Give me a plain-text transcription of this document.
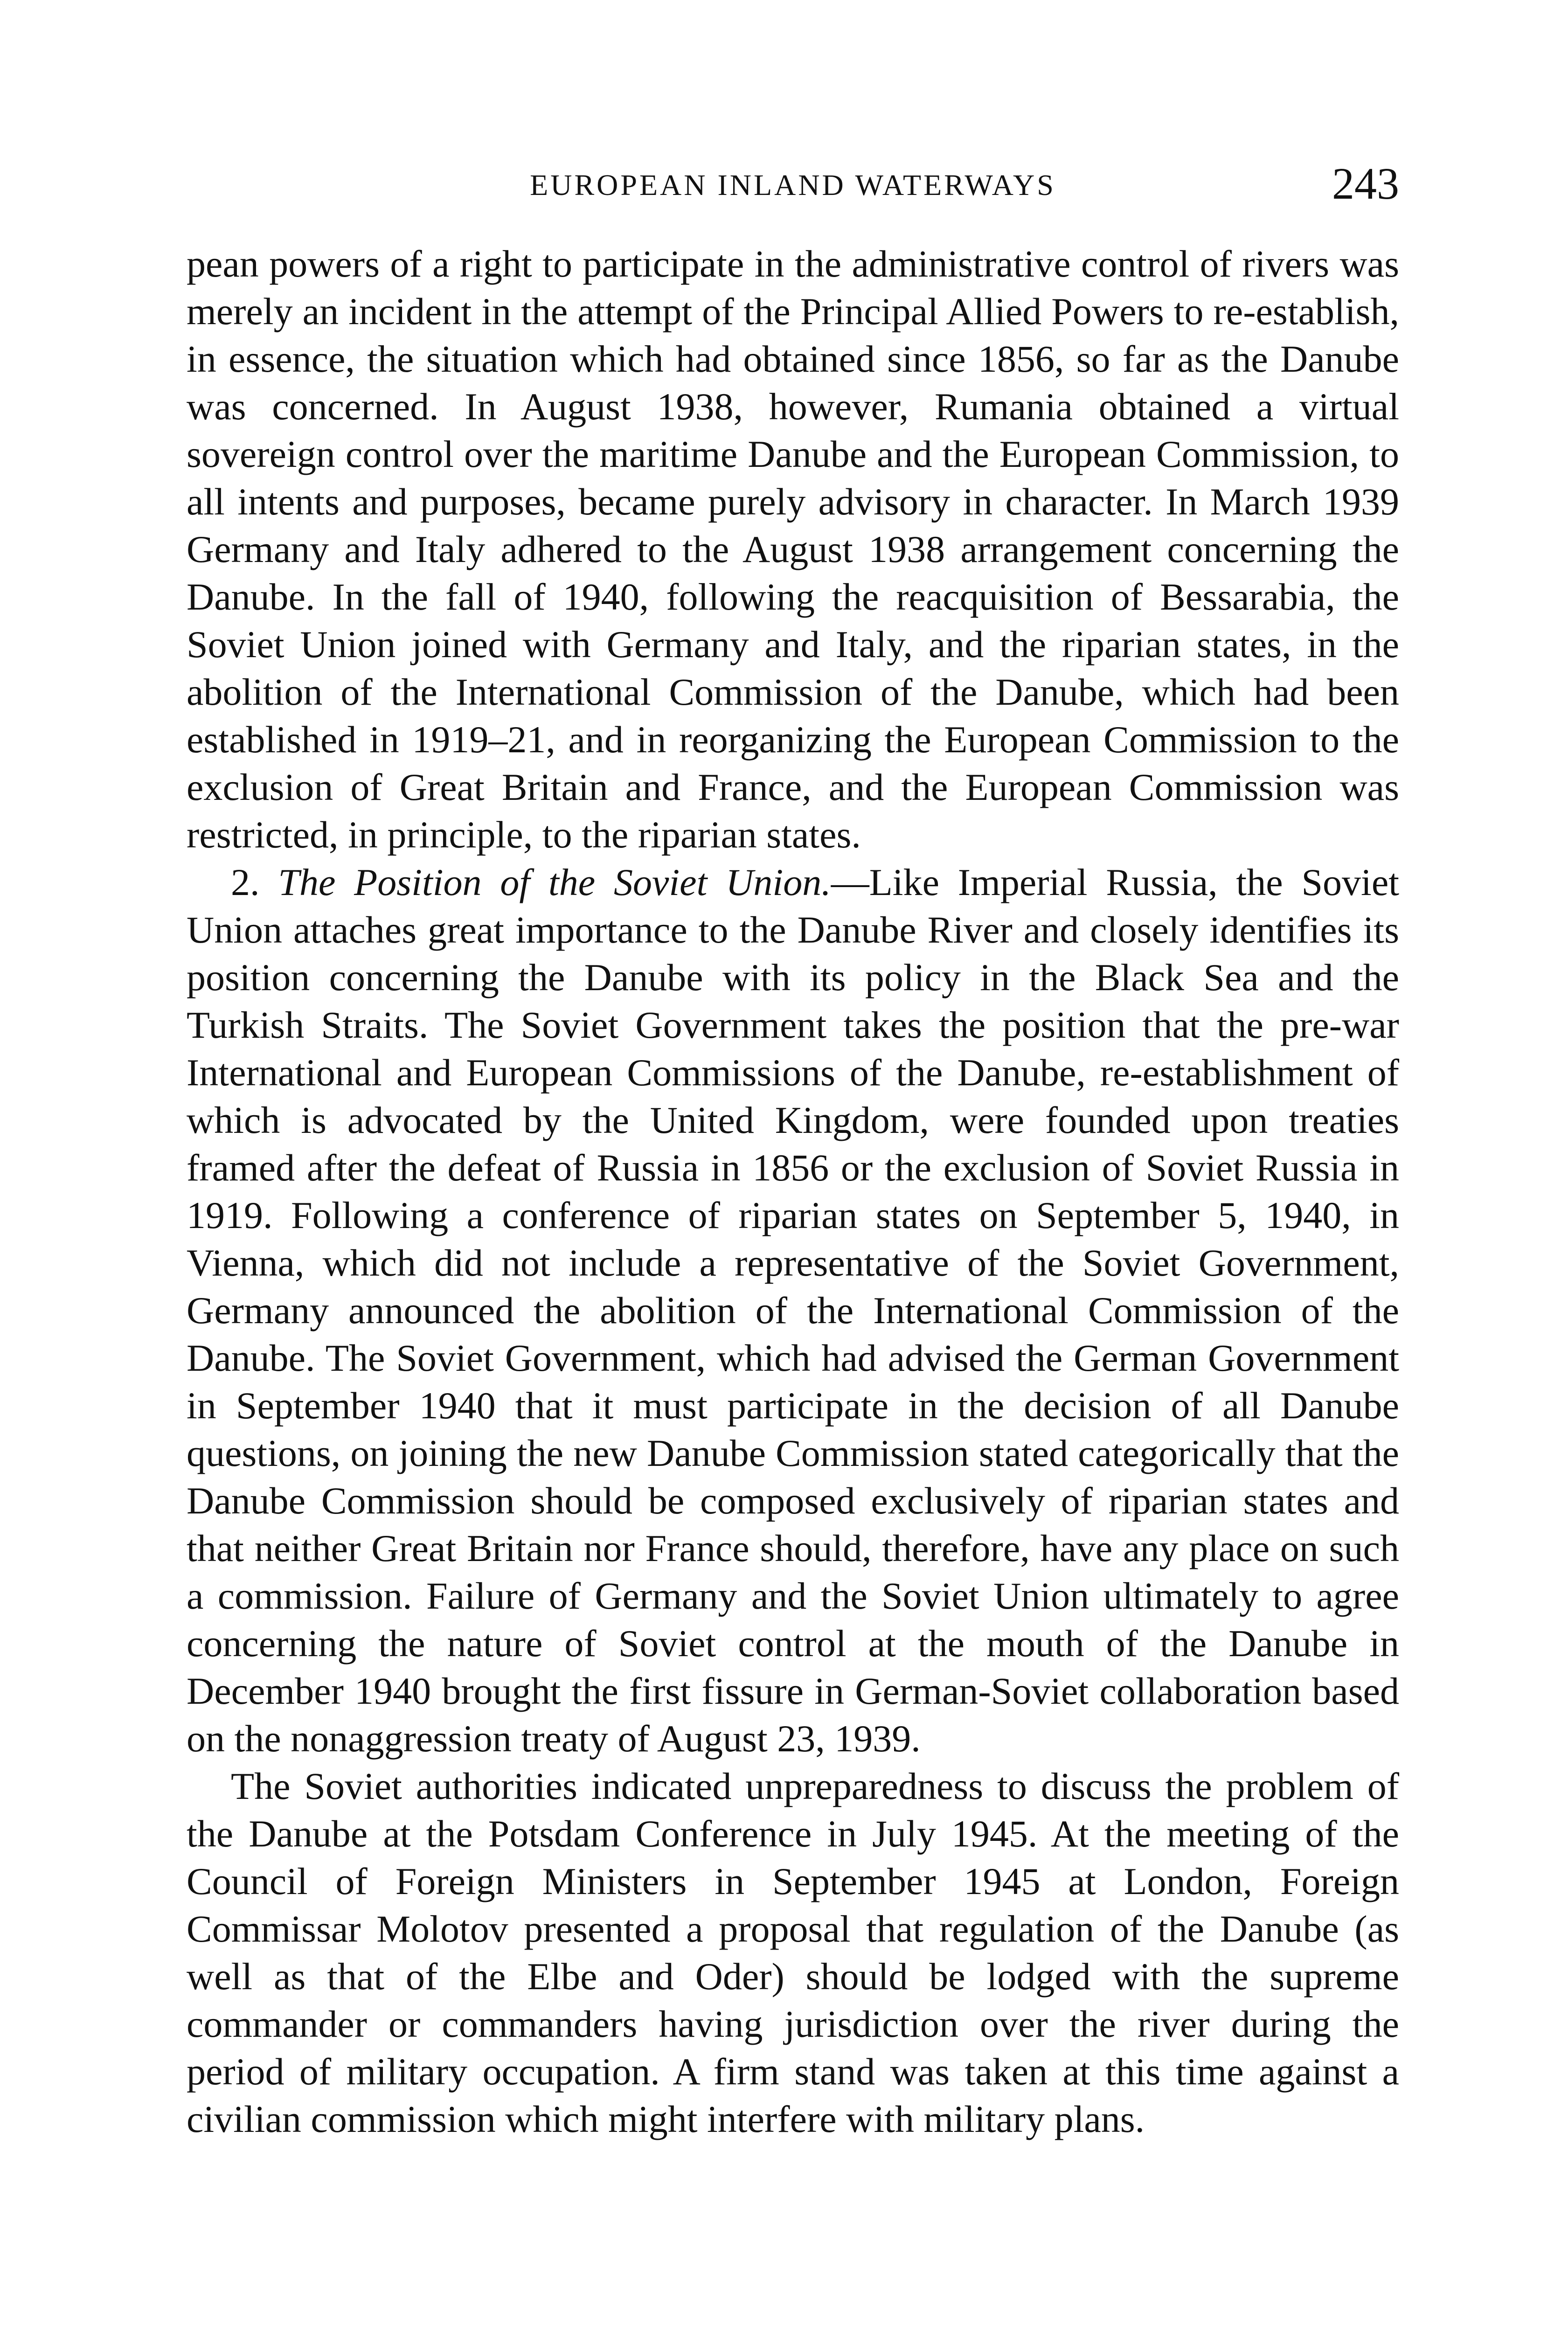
EUROPEAN INLAND WATERWAYS	243

pean powers of a right to participate in the administrative control of rivers was merely an incident in the attempt of the Principal Allied Powers to re-establish, in essence, the situation which had obtained since 1856, so far as the Danube was concerned. In August 1938, however, Rumania obtained a virtual sovereign control over the maritime Danube and the European Commission, to all intents and purposes, became purely advisory in character. In March 1939 Germany and Italy adhered to the August 1938 arrangement concerning the Danube. In the fall of 1940, following the reacquisition of Bessarabia, the Soviet Union joined with Germany and Italy, and the riparian states, in the abolition of the International Commission of the Danube, which had been established in 1919–21, and in reorganizing the European Commission to the exclusion of Great Britain and France, and the European Commission was restricted, in principle, to the riparian states.

2. The Position of the Soviet Union.—Like Imperial Russia, the Soviet Union attaches great importance to the Danube River and closely identifies its position concerning the Danube with its policy in the Black Sea and the Turkish Straits. The Soviet Government takes the position that the pre-war International and European Commissions of the Danube, re-establishment of which is advocated by the United Kingdom, were founded upon treaties framed after the defeat of Russia in 1856 or the exclusion of Soviet Russia in 1919. Following a conference of riparian states on September 5, 1940, in Vienna, which did not include a representative of the Soviet Government, Germany announced the abolition of the International Commission of the Danube. The Soviet Government, which had advised the German Government in September 1940 that it must participate in the decision of all Danube questions, on joining the new Danube Commission stated categorically that the Danube Commission should be composed exclusively of riparian states and that neither Great Britain nor France should, therefore, have any place on such a commission. Failure of Germany and the Soviet Union ultimately to agree concerning the nature of Soviet control at the mouth of the Danube in December 1940 brought the first fissure in German-Soviet collaboration based on the nonaggression treaty of August 23, 1939.

The Soviet authorities indicated unpreparedness to discuss the problem of the Danube at the Potsdam Conference in July 1945. At the meeting of the Council of Foreign Ministers in September 1945 at London, Foreign Commissar Molotov presented a proposal that regulation of the Danube (as well as that of the Elbe and Oder) should be lodged with the supreme commander or commanders having jurisdiction over the river during the period of military occupation. A firm stand was taken at this time against a civilian commission which might interfere with military plans.
